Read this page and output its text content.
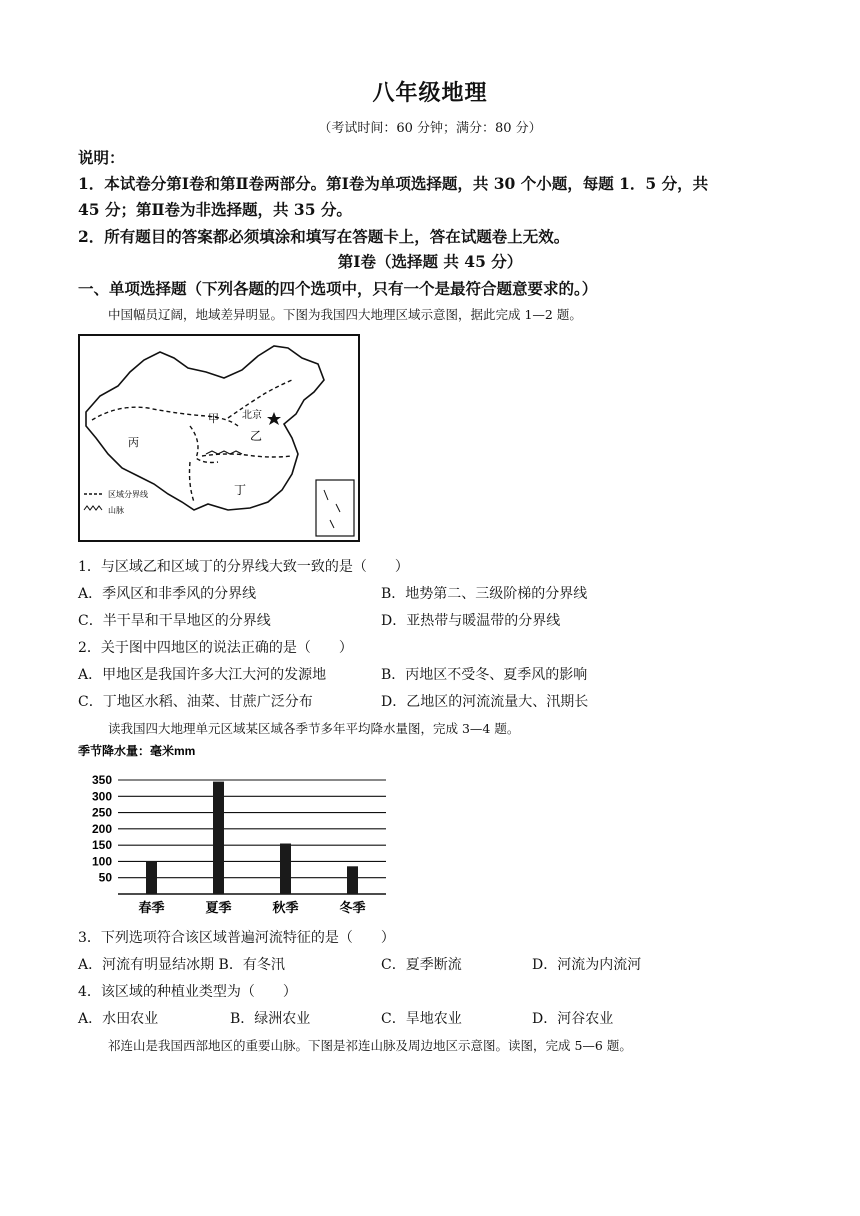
八年级地理
（考试时间：60 分钟；满分：80 分）
说明：
1．本试卷分第Ⅰ卷和第Ⅱ卷两部分。第Ⅰ卷为单项选择题，共 30 个小题，每题 1．5 分，共
45 分；第Ⅱ卷为非选择题，共 35 分。
2．所有题目的答案都必须填涂和填写在答题卡上，答在试题卷上无效。
第Ⅰ卷（选择题 共 45 分）
一、单项选择题（下列各题的四个选项中，只有一个是最符合题意要求的。）
中国幅员辽阔，地域差异明显。下图为我国四大地理区域示意图，据此完成 1—2 题。
甲 北京
乙
丙
丁
区域分界线
山脉
1．与区域乙和区域丁的分界线大致一致的是（　　）
A．季风区和非季风的分界线	B．地势第二、三级阶梯的分界线
C．半干旱和干旱地区的分界线	D．亚热带与暖温带的分界线
2．关于图中四地区的说法正确的是（　　）
A．甲地区是我国许多大江大河的发源地	B．丙地区不受冬、夏季风的影响
C．丁地区水稻、油菜、甘蔗广泛分布	D．乙地区的河流流量大、汛期长
读我国四大地理单元区域某区域各季节多年平均降水量图，完成 3—4 题。
季节降水量：毫米mm
50
100
150
200
250
300
350
春季	夏季	秋季	冬季
3．下列选项符合该区域普遍河流特征的是（　　）
A．河流有明显结冰期 B．有冬汛	C．夏季断流	D．河流为内流河
4．该区域的种植业类型为（　　）
A．水田农业	B．绿洲农业	C．旱地农业	D．河谷农业
祁连山是我国西部地区的重要山脉。下图是祁连山脉及周边地区示意图。读图，完成 5—6 题。
